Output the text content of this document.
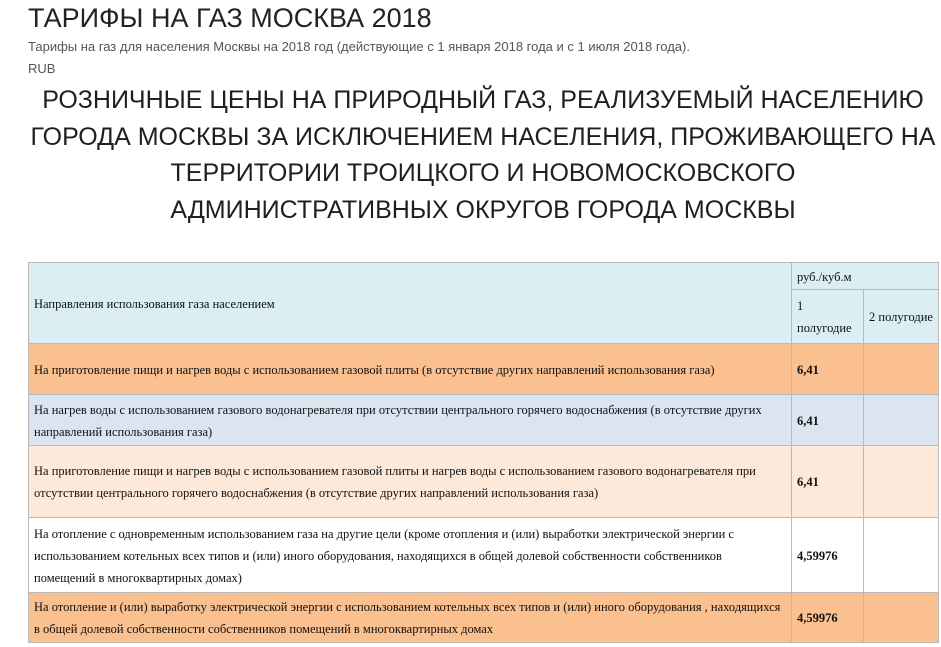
ТАРИФЫ НА ГАЗ МОСКВА 2018
Тарифы на газ для населения Москвы на 2018 год (действующие с 1 января 2018 года и с 1 июля 2018 года).
RUB
РОЗНИЧНЫЕ ЦЕНЫ НА ПРИРОДНЫЙ ГАЗ, РЕАЛИЗУЕМЫЙ НАСЕЛЕНИЮ ГОРОДА МОСКВЫ ЗА ИСКЛЮЧЕНИЕМ НАСЕЛЕНИЯ, ПРОЖИВАЮЩЕГО НА ТЕРРИТОРИИ ТРОИЦКОГО И НОВОМОСКОВСКОГО АДМИНИСТРАТИВНЫХ ОКРУГОВ ГОРОДА МОСКВЫ
Направления использования газа населением	руб./куб.м	
	1 полугодие	2 полугодие
На приготовление пищи и нагрев воды с использованием газовой плиты (в отсутствие других направлений использования газа)	6,41	
На нагрев воды с использованием газового водонагревателя при отсутствии центрального горячего водоснабжения (в отсутствие других направлений использования газа)	6,41	
На приготовление пищи и нагрев воды с использованием газовой плиты и нагрев воды с использованием газового водонагревателя при отсутствии центрального горячего водоснабжения (в отсутствие других направлений использования газа)	6,41	
На отопление с одновременным использованием газа на другие цели (кроме отопления и (или) выработки электрической энергии с использованием котельных всех типов и (или) иного оборудования, находящихся в общей долевой собственности собственников помещений в многоквартирных домах)	4,59976	
На отопление и (или) выработку электрической энергии с использованием котельных всех типов и (или) иного оборудования , находящихся в общей долевой собственности собственников помещений в многоквартирных домах	4,59976	
